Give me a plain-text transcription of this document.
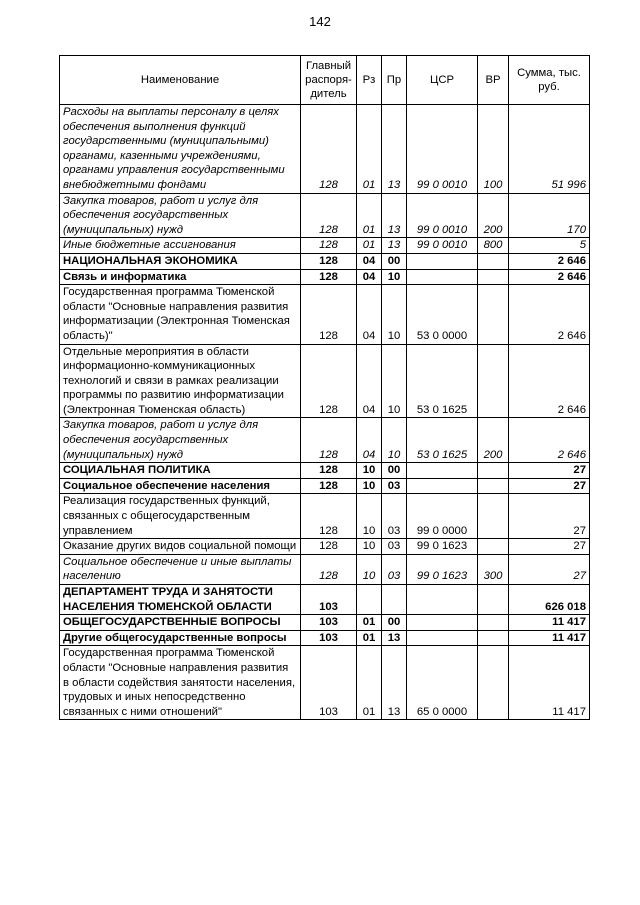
142
Наименование	Главный распоря-дитель	Рз	Пр	ЦСР	ВР	Сумма, тыс. руб.
Расходы на выплаты персоналу в целях обеспечения выполнения функций государственными (муниципальными) органами, казенными учреждениями, органами управления государственными внебюджетными фондами	128	01	13	99 0 0010	100	51 996
Закупка товаров, работ и услуг для обеспечения государственных (муниципальных) нужд	128	01	13	99 0 0010	200	170
Иные бюджетные ассигнования	128	01	13	99 0 0010	800	5
НАЦИОНАЛЬНАЯ ЭКОНОМИКА	128	04	00			2 646
Связь и информатика	128	04	10			2 646
Государственная программа Тюменской области "Основные направления развития информатизации (Электронная Тюменская область)"	128	04	10	53 0 0000		2 646
Отдельные мероприятия в области информационно-коммуникационных технологий и связи в рамках реализации программы по развитию информатизации (Электронная Тюменская область)	128	04	10	53 0 1625		2 646
Закупка товаров, работ и услуг для обеспечения государственных (муниципальных) нужд	128	04	10	53 0 1625	200	2 646
СОЦИАЛЬНАЯ ПОЛИТИКА	128	10	00			27
Социальное обеспечение населения	128	10	03			27
Реализация государственных функций, связанных с общегосударственным управлением	128	10	03	99 0 0000		27
Оказание других видов социальной помощи	128	10	03	99 0 1623		27
Социальное обеспечение и иные выплаты населению	128	10	03	99 0 1623	300	27
ДЕПАРТАМЕНТ ТРУДА И ЗАНЯТОСТИ НАСЕЛЕНИЯ ТЮМЕНСКОЙ ОБЛАСТИ	103					626 018
ОБЩЕГОСУДАРСТВЕННЫЕ ВОПРОСЫ	103	01	00			11 417
Другие общегосударственные вопросы	103	01	13			11 417
Государственная программа Тюменской области "Основные направления развития в области содействия занятости населения, трудовых и иных непосредственно связанных с ними отношений"	103	01	13	65 0 0000		11 417
